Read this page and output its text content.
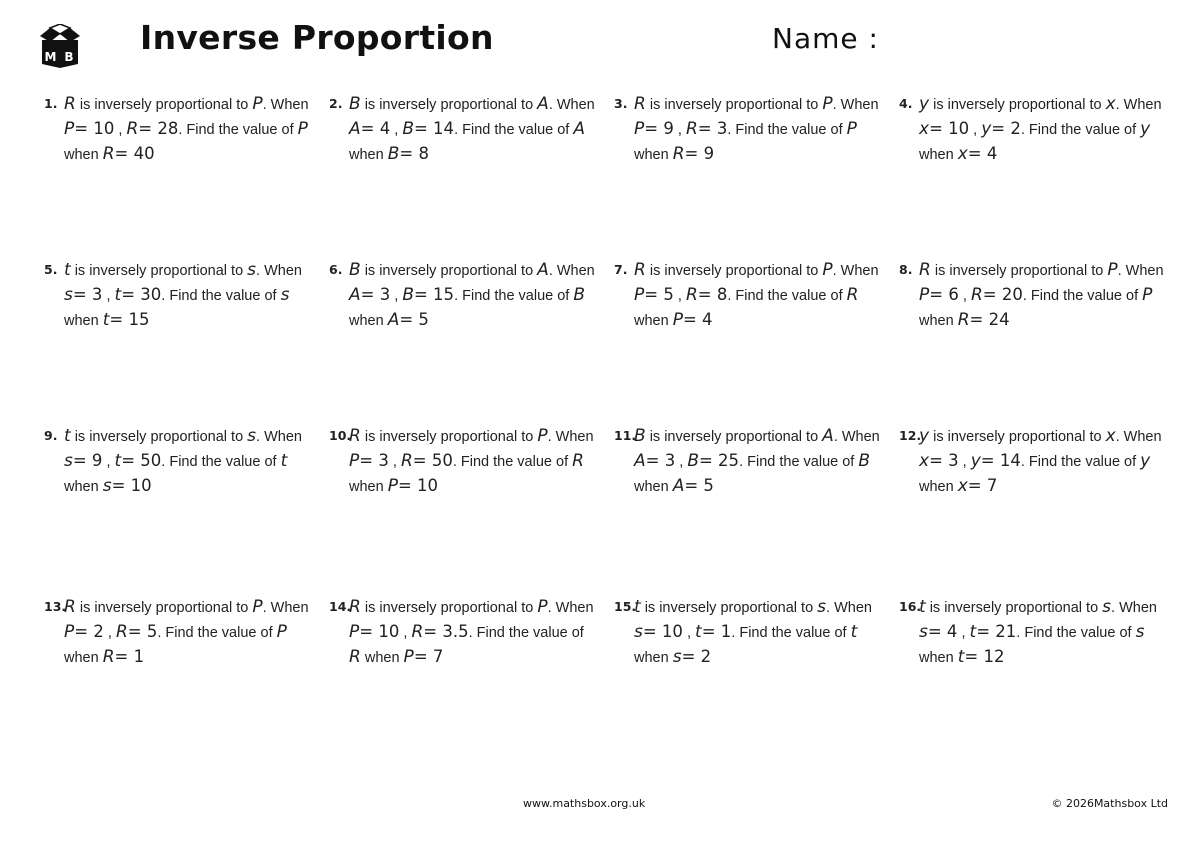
M B Inverse Proportion	Name :
1. R is inversely proportional to P. When P= 10 , R= 28. Find the value of P when R= 40
2. B is inversely proportional to A. When A= 4 , B= 14. Find the value of A when B= 8
3. R is inversely proportional to P. When P= 9 , R= 3. Find the value of P when R= 9
4. y is inversely proportional to x. When x= 10 , y= 2. Find the value of y when x= 4
5. t is inversely proportional to s. When s= 3 , t= 30. Find the value of s when t= 15
6. B is inversely proportional to A. When A= 3 , B= 15. Find the value of B when A= 5
7. R is inversely proportional to P. When P= 5 , R= 8. Find the value of R when P= 4
8. R is inversely proportional to P. When P= 6 , R= 20. Find the value of P when R= 24
9. t is inversely proportional to s. When s= 9 , t= 50. Find the value of t when s= 10
10.
R is inversely proportional to P. When P= 3 , R= 50. Find the value of R when P= 10
11.
B is inversely proportional to A. When A= 3 , B= 25. Find the value of B when A= 5
12.
y is inversely proportional to x. When x= 3 , y= 14. Find the value of y when x= 7
13.
R is inversely proportional to P. When P= 2 , R= 5. Find the value of P when R= 1
14.
R is inversely proportional to P. When P= 10 , R= 3.5. Find the value of R when P= 7
15.
t is inversely proportional to s. When s= 10 , t= 1. Find the value of t when s= 2
16.
t is inversely proportional to s. When s= 4 , t= 21. Find the value of s when t= 12
www.mathsbox.org.uk	© 2026Mathsbox Ltd
